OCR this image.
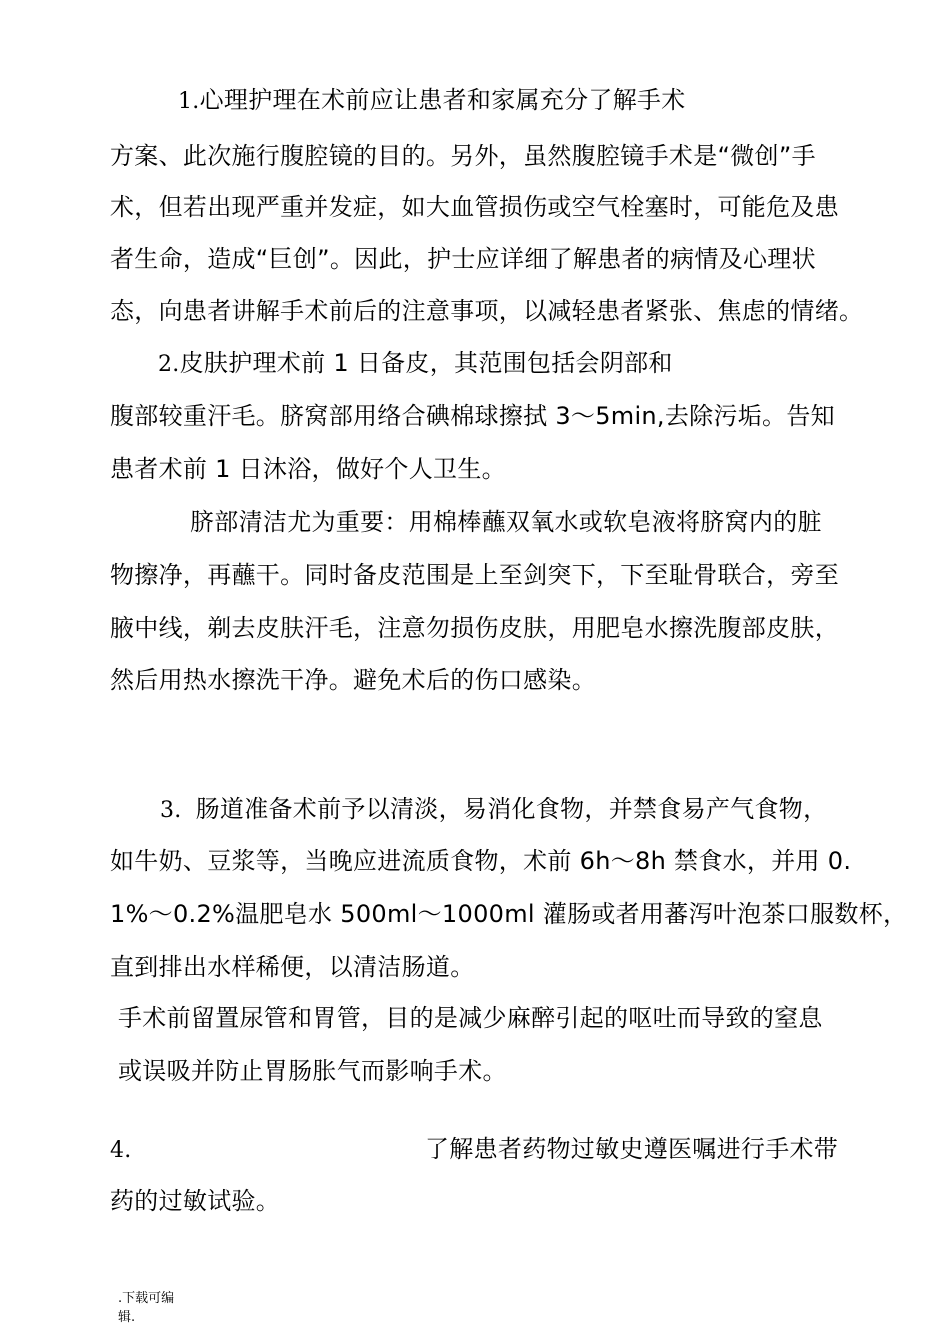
1.心理护理在术前应让患者和家属充分了解手术
方案、此次施行腹腔镜的目的。另外，虽然腹腔镜手术是“微创”手
术，但若出现严重并发症，如大血管损伤或空气栓塞时，可能危及患
者生命，造成“巨创”。因此，护士应详细了解患者的病情及心理状
态，向患者讲解手术前后的注意事项，以减轻患者紧张、焦虑的情绪。
2.皮肤护理术前 1 日备皮，其范围包括会阴部和
腹部较重汗毛。脐窝部用络合碘棉球擦拭 3～5min,去除污垢。告知
患者术前 1 日沐浴，做好个人卫生。
脐部清洁尤为重要：用棉棒蘸双氧水或软皂液将脐窝内的脏
物擦净，再蘸干。同时备皮范围是上至剑突下，下至耻骨联合，旁至
腋中线，剃去皮肤汗毛，注意勿损伤皮肤，用肥皂水擦洗腹部皮肤，
然后用热水擦洗干净。避免术后的伤口感染。
3. 肠道准备术前予以清淡，易消化食物，并禁食易产气食物，
如牛奶、豆浆等，当晚应进流质食物，术前 6h～8h 禁食水，并用 0.
1%～0.2%温肥皂水 500ml～1000ml 灌肠或者用蕃泻叶泡茶口服数杯，
直到排出水样稀便，以清洁肠道。
手术前留置尿管和胃管，目的是减少麻醉引起的呕吐而导致的窒息
或误吸并防止胃肠胀气而影响手术。
4.	了解患者药物过敏史遵医嘱进行手术带
药的过敏试验。
.下载可编
辑.
